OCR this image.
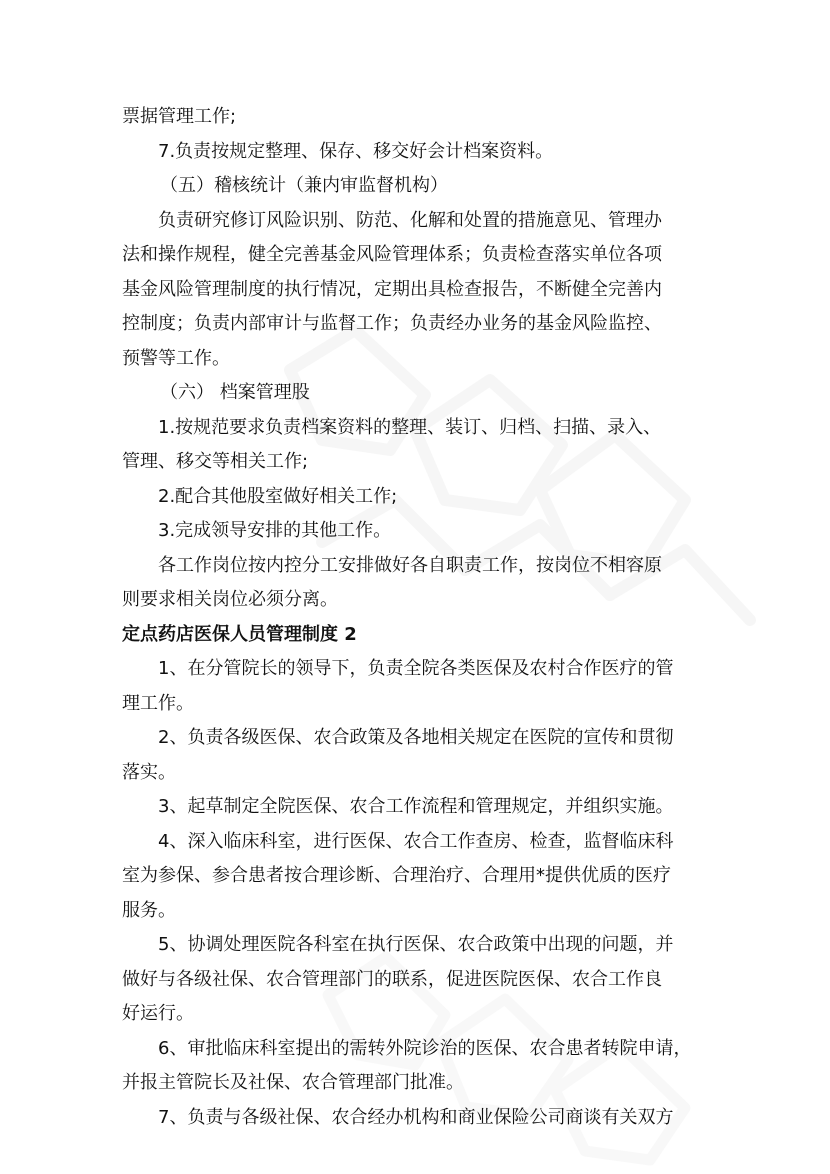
票据管理工作;
7.负责按规定整理、保存、移交好会计档案资料。
（五）稽核统计（兼内审监督机构）
负责研究修订风险识别、防范、化解和处置的措施意见、管理办
法和操作规程，健全完善基金风险管理体系；负责检查落实单位各项
基金风险管理制度的执行情况，定期出具检查报告，不断健全完善内
控制度；负责内部审计与监督工作；负责经办业务的基金风险监控、
预警等工作。
（六） 档案管理股
1.按规范要求负责档案资料的整理、装订、归档、扫描、录入、
管理、移交等相关工作;
2.配合其他股室做好相关工作;
3.完成领导安排的其他工作。
各工作岗位按内控分工安排做好各自职责工作，按岗位不相容原
则要求相关岗位必须分离。
定点药店医保人员管理制度 2
1、在分管院长的领导下，负责全院各类医保及农村合作医疗的管
理工作。
2、负责各级医保、农合政策及各地相关规定在医院的宣传和贯彻
落实。
3、起草制定全院医保、农合工作流程和管理规定，并组织实施。
4、深入临床科室，进行医保、农合工作查房、检查，监督临床科
室为参保、参合患者按合理诊断、合理治疗、合理用*提供优质的医疗
服务。
5、协调处理医院各科室在执行医保、农合政策中出现的问题，并
做好与各级社保、农合管理部门的联系，促进医院医保、农合工作良
好运行。
6、审批临床科室提出的需转外院诊治的医保、农合患者转院申请，
并报主管院长及社保、农合管理部门批准。
7、负责与各级社保、农合经办机构和商业保险公司商谈有关双方
